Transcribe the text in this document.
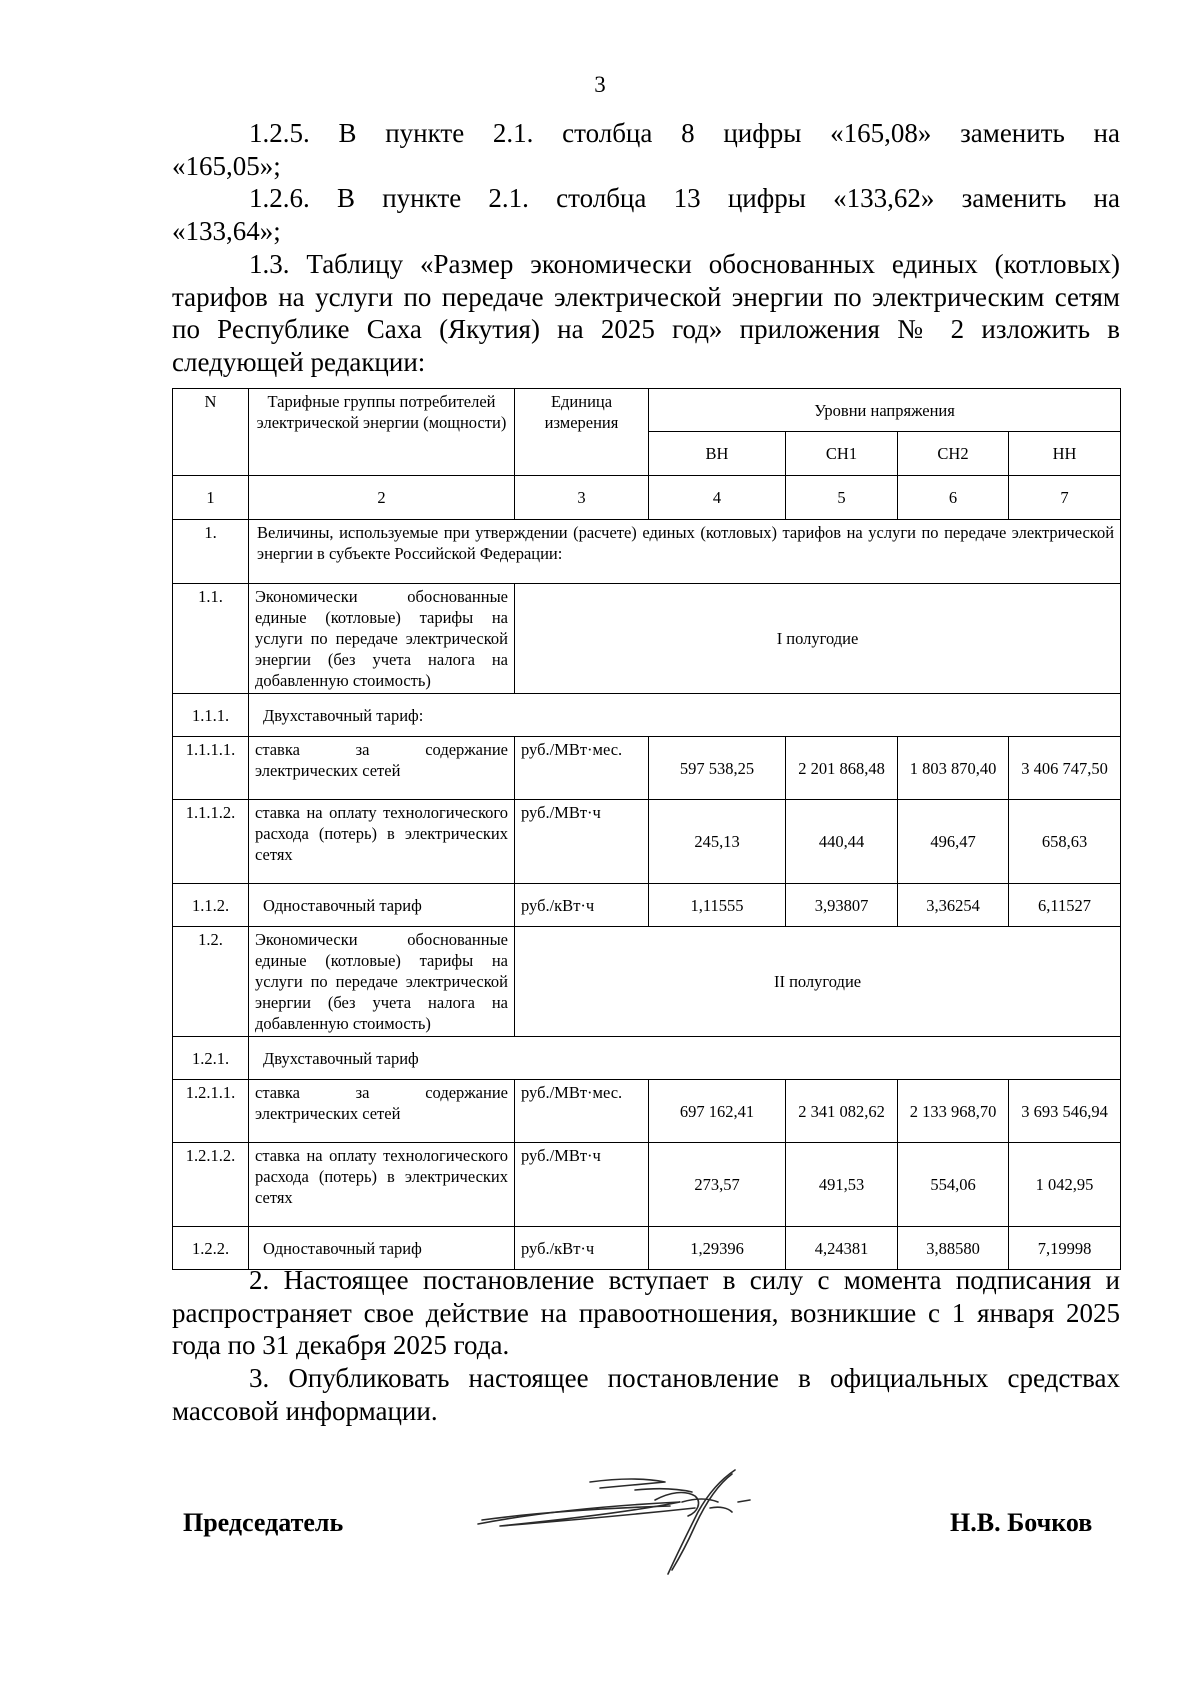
3
1.2.5. В пункте 2.1. столбца 8 цифры «165,08» заменить на
«165,05»;
1.2.6. В пункте 2.1. столбца 13 цифры «133,62» заменить на
«133,64»;
1.3. Таблицу «Размер экономически обоснованных единых (котловых)
тарифов на услуги по передаче электрической энергии по электрическим сетям
по Республике Саха (Якутия) на 2025 год» приложения № 2 изложить в
следующей редакции:
N	Тарифные группы потребителей электрической энергии (мощности)	Единица измерения	Уровни напряжения			
			ВН	СН1	СН2	НН
1	2	3	4	5	6	7
1.	Величины, используемые при утверждении (расчете) единых (котловых) тарифов на услуги по передаче электрической энергии в субъекте Российской Федерации:					
1.1.	Экономически обоснованные единые (котловые) тарифы на услуги по передаче электрической энергии (без учета налога на добавленную стоимость)	I полугодие				
1.1.1.	Двухставочный тариф:					
1.1.1.1.	ставка за содержание электрических сетей	руб./МВт·мес.	597 538,25	2 201 868,48	1 803 870,40	3 406 747,50
1.1.1.2.	ставка на оплату технологического расхода (потерь) в электрических сетях	руб./МВт·ч	245,13	440,44	496,47	658,63
1.1.2.	Одноставочный тариф	руб./кВт·ч	1,11555	3,93807	3,36254	6,11527
1.2.	Экономически обоснованные единые (котловые) тарифы на услуги по передаче электрической энергии (без учета налога на добавленную стоимость)	II полугодие				
1.2.1.	Двухставочный тариф					
1.2.1.1.	ставка за содержание электрических сетей	руб./МВт·мес.	697 162,41	2 341 082,62	2 133 968,70	3 693 546,94
1.2.1.2.	ставка на оплату технологического расхода (потерь) в электрических сетях	руб./МВт·ч	273,57	491,53	554,06	1 042,95
1.2.2.	Одноставочный тариф	руб./кВт·ч	1,29396	4,24381	3,88580	7,19998
2. Настоящее постановление вступает в силу с момента подписания и
распространяет свое действие на правоотношения, возникшие с 1 января 2025
года по 31 декабря 2025 года.
3. Опубликовать настоящее постановление в официальных средствах
массовой информации.
Председатель	Н.В. Бочков
